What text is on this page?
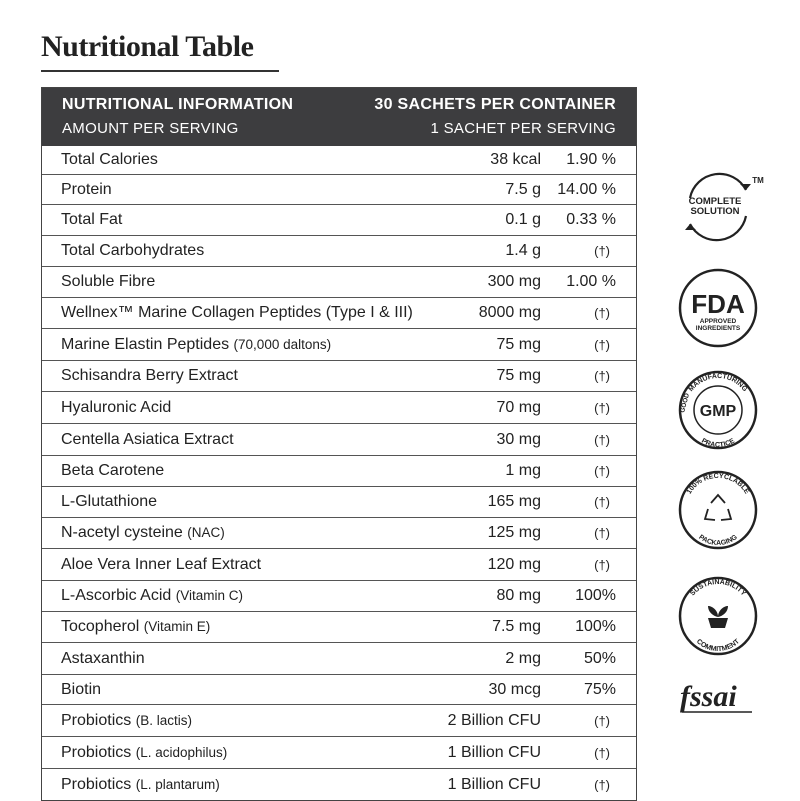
Nutritional Table
NUTRITIONAL INFORMATION	30 SACHETS PER CONTAINER
AMOUNT PER SERVING	1 SACHET PER SERVING
Total Calories	38 kcal 1.90 %
Protein	7.5 g 14.00 %
Total Fat	0.1 g 0.33 %
Total Carbohydrates	1.4 g	(†)
Soluble Fibre	300 mg 1.00 %
Wellnex™ Marine Collagen Peptides (Type I & III)	8000 mg	(†)
Marine Elastin Peptides (70,000 daltons)	75 mg	(†)
Schisandra Berry Extract	75 mg	(†)
Hyaluronic Acid	70 mg	(†)
Centella Asiatica Extract	30 mg	(†)
Beta Carotene	1 mg	(†)
L-Glutathione	165 mg	(†)
N-acetyl cysteine (NAC)	125 mg	(†)
Aloe Vera Inner Leaf Extract	120 mg	(†)
L-Ascorbic Acid (Vitamin C)	80 mg 100%
Tocopherol (Vitamin E)	7.5 mg 100%
Astaxanthin	2 mg	50%
Biotin	30 mcg	75%
Probiotics (B. lactis)	2 Billion CFU	(†)
Probiotics (L. acidophilus)	1 Billion CFU	(†)
Probiotics (L. plantarum)	1 Billion CFU	(†)
COMPLETE
SOLUTION
TM
FDA
APPROVED
INGREDIENTS
MANUFACTURING
PRACTICE
GOOD GMP
100% RECYCLABLE
PACKAGING
SUSTAINABILITY
COMMITMENT
fssai
